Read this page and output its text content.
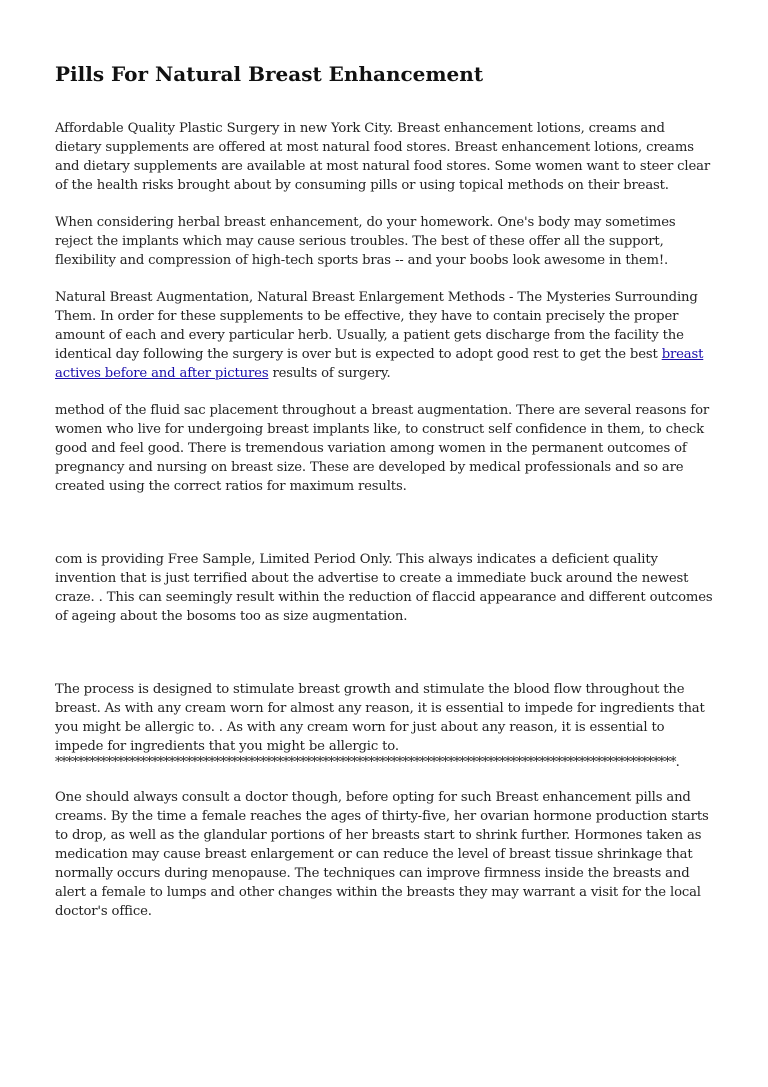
Pills For Natural Breast Enhancement

Affordable Quality Plastic Surgery in new York City. Breast enhancement lotions, creams and dietary supplements are offered at most natural food stores. Breast enhancement lotions, creams and dietary supplements are available at most natural food stores. Some women want to steer clear of the health risks brought about by consuming pills or using topical methods on their breast.

When considering herbal breast enhancement, do your homework. One's body may sometimes reject the implants which may cause serious troubles. The best of these offer all the support, flexibility and compression of high-tech sports bras -- and your boobs look awesome in them!.

Natural Breast Augmentation, Natural Breast Enlargement Methods - The Mysteries Surrounding Them. In order for these supplements to be effective, they have to contain precisely the proper amount of each and every particular herb. Usually, a patient gets discharge from the facility the identical day following the surgery is over but is expected to adopt good rest to get the best breast actives before and after pictures results of surgery.

method of the fluid sac placement throughout a breast augmentation. There are several reasons for women who live for undergoing breast implants like, to construct self confidence in them, to check good and feel good. There is tremendous variation among women in the permanent outcomes of pregnancy and nursing on breast size. These are developed by medical professionals and so are created using the correct ratios for maximum results.

com is providing Free Sample, Limited Period Only. This always indicates a deficient quality invention that is just terrified about the advertise to create a immediate buck around the newest craze. . This can seemingly result within the reduction of flaccid appearance and different outcomes of ageing about the bosoms too as size augmentation.

The process is designed to stimulate breast growth and stimulate the blood flow throughout the breast. As with any cream worn for almost any reason, it is essential to impede for ingredients that you might be allergic to. . As with any cream worn for just about any reason, it is essential to impede for ingredients that you might be allergic to.

*************************************************************************************************************.

One should always consult a doctor though, before opting for such Breast enhancement pills and creams. By the time a female reaches the ages of thirty-five, her ovarian hormone production starts to drop, as well as the glandular portions of her breasts start to shrink further. Hormones taken as medication may cause breast enlargement or can reduce the level of breast tissue shrinkage that normally occurs during menopause. The techniques can improve firmness inside the breasts and alert a female to lumps and other changes within the breasts they may warrant a visit for the local doctor's office.
